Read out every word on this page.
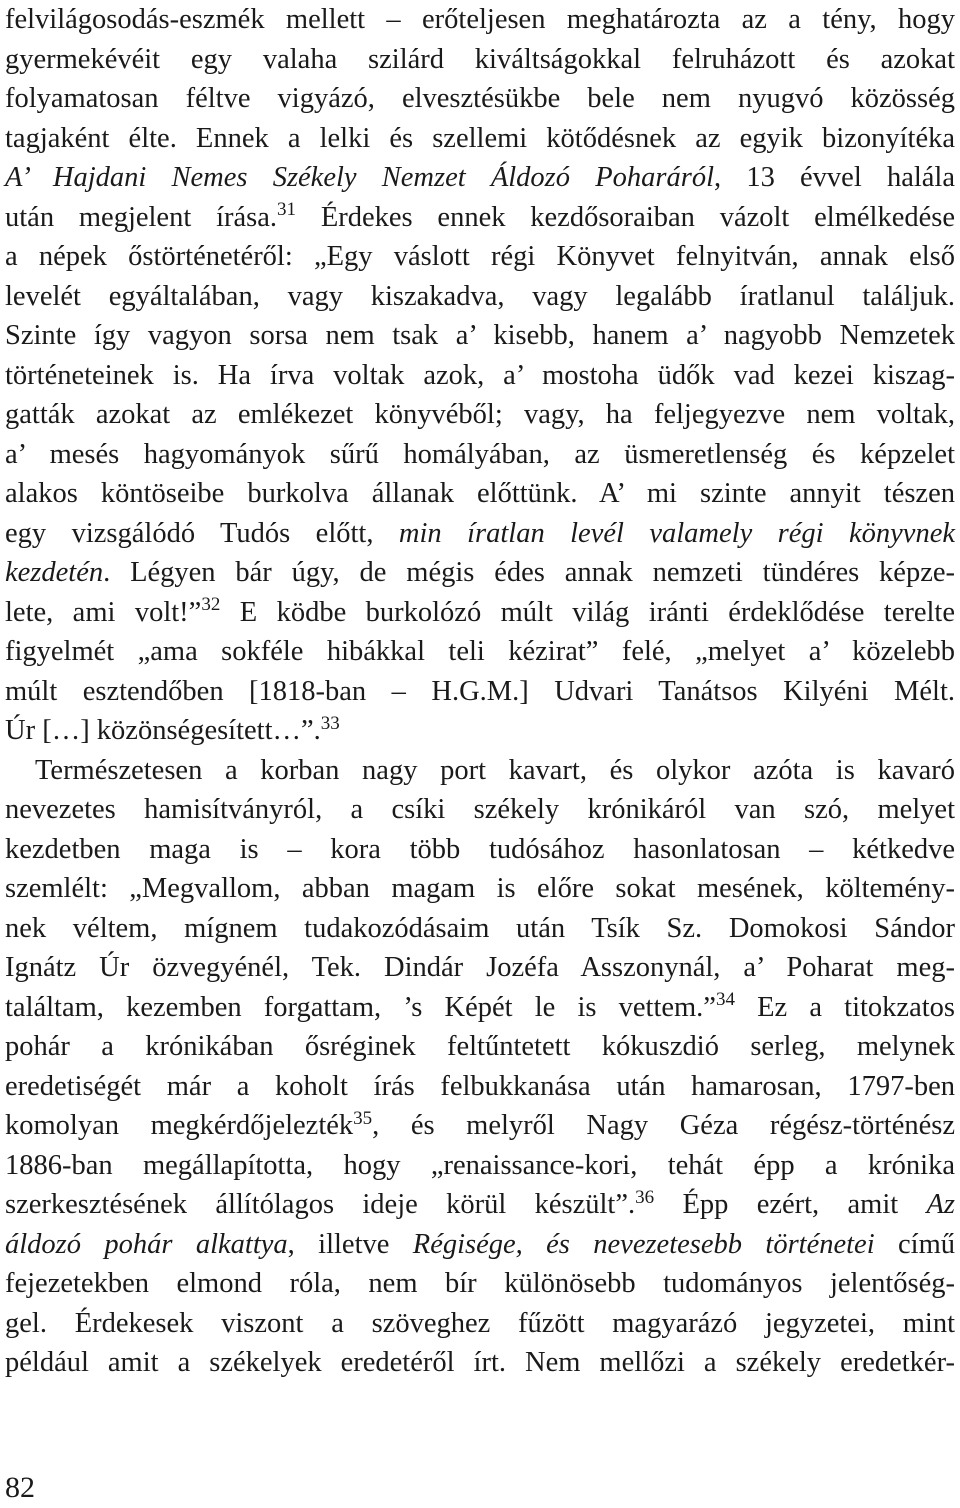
felvilágosodás-eszmék mellett – erőteljesen meghatározta az a tény, hogy
gyermekévéit egy valaha szilárd kiváltságokkal felruházott és azokat
folyamatosan féltve vigyázó, elvesztésükbe bele nem nyugvó közösség
tagjaként élte. Ennek a lelki és szellemi kötődésnek az egyik bizonyítéka
A’ Hajdani Nemes Székely Nemzet Áldozó Poharáról, 13 évvel halála
után megjelent írása.$^{31}$ Érdekes ennek kezdősoraiban vázolt elmélkedése
a népek őstörténetéről: „Egy váslott régi Könyvet felnyitván, annak első
levelét egyáltalában, vagy kiszakadva, vagy legalább íratlanul találjuk.
Szinte így vagyon sorsa nem tsak a’ kisebb, hanem a’ nagyobb Nemzetek
történeteinek is. Ha írva voltak azok, a’ mostoha üdők vad kezei kiszag-
gatták azokat az emlékezet könyvéből; vagy, ha feljegyezve nem voltak,
a’ mesés hagyományok sűrű homályában, az üsmeretlenség és képzelet
alakos köntöseibe burkolva állanak előttünk. A’ mi szinte annyit tészen
egy vizsgálódó Tudós előtt, min íratlan levél valamely régi könyvnek
kezdetén. Légyen bár úgy, de mégis édes annak nemzeti tündéres képze-
lete, ami volt!”$^{32}$ E ködbe burkolózó múlt világ iránti érdeklődése terelte
figyelmét „ama sokféle hibákkal teli kézirat” felé, „melyet a’ közelebb
múlt esztendőben [1818-ban – H.G.M.] Udvari Tanátsos Kilyéni Mélt.
Úr […] közönségesített…”.$^{33}$
Természetesen a korban nagy port kavart, és olykor azóta is kavaró
nevezetes hamisítványról, a csíki székely krónikáról van szó, melyet
kezdetben maga is – kora több tudósához hasonlatosan – kétkedve
szemlélt: „Megvallom, abban magam is előre sokat mesének, költemény-
nek véltem, mígnem tudakozódásaim után Tsík Sz. Domokosi Sándor
Ignátz Úr özvegyénél, Tek. Dindár Jozéfa Asszonynál, a’ Poharat meg-
találtam, kezemben forgattam, ’s Képét le is vettem.”$^{34}$ Ez a titokzatos
pohár a krónikában ősréginek feltűntetett kókuszdió serleg, melynek
eredetiségét már a koholt írás felbukkanása után hamarosan, 1797-ben
komolyan megkérdőjelezték$^{35}$, és melyről Nagy Géza régész-történész
1886-ban megállapította, hogy „renaissance-kori, tehát épp a krónika
szerkesztésének állítólagos ideje körül készült”.$^{36}$ Épp ezért, amit Az
áldozó pohár alkattya, illetve Régisége, és nevezetesebb történetei című
fejezetekben elmond róla, nem bír különösebb tudományos jelentőség-
gel. Érdekesek viszont a szöveghez fűzött magyarázó jegyzetei, mint
például amit a székelyek eredetéről írt. Nem mellőzi a székely eredetkér-
82
